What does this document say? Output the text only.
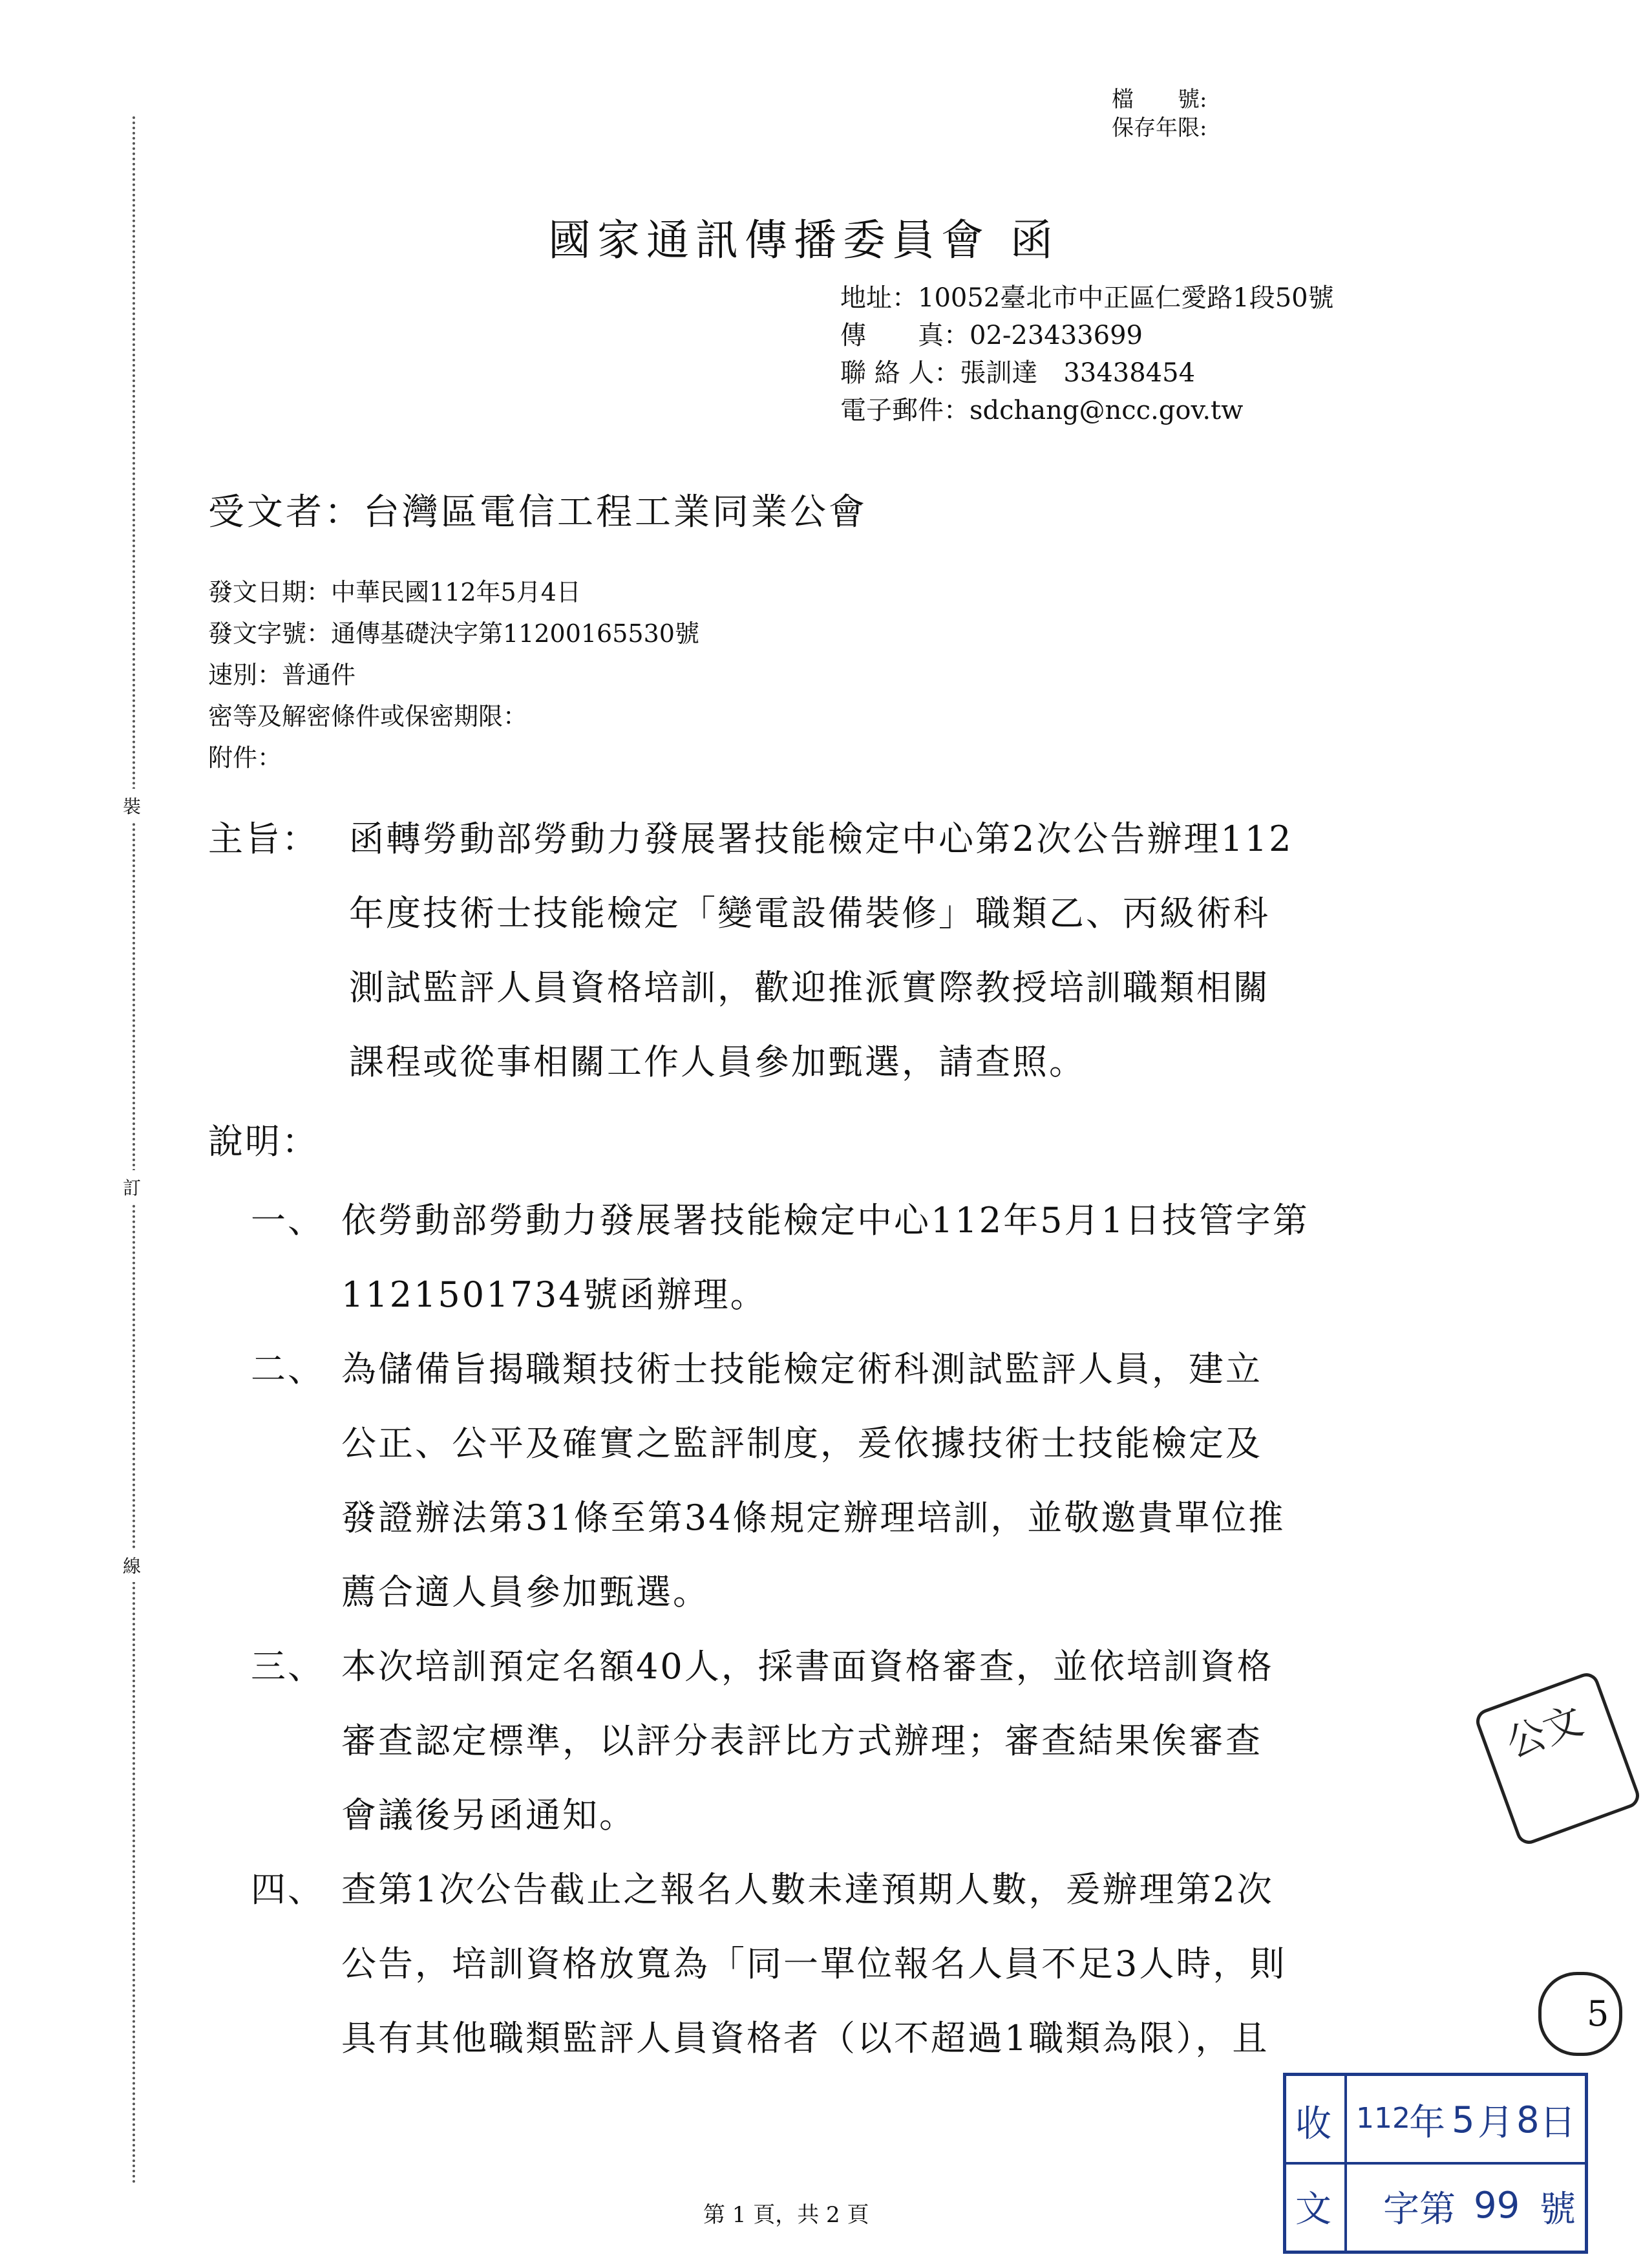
裝
訂
線
檔　　號:
保存年限:
國家通訊傳播委員會 函
地址：10052臺北市中正區仁愛路1段50號
傳　　真：02-23433699
聯 絡 人：張訓達　33438454
電子郵件：sdchang@ncc.gov.tw
受文者：台灣區電信工程工業同業公會
發文日期：中華民國112年5月4日
發文字號：通傳基礎決字第11200165530號
速別：普通件
密等及解密條件或保密期限：
附件：
主旨： 函轉勞動部勞動力發展署技能檢定中心第2次公告辦理112
年度技術士技能檢定「變電設備裝修」職類乙、丙級術科
測試監評人員資格培訓，歡迎推派實際教授培訓職類相關
課程或從事相關工作人員參加甄選，請查照。
說明：
一、 依勞動部勞動力發展署技能檢定中心112年5月1日技管字第
1121501734號函辦理。
二、 為儲備旨揭職類技術士技能檢定術科測試監評人員，建立
公正、公平及確實之監評制度，爰依據技術士技能檢定及
發證辦法第31條至第34條規定辦理培訓，並敬邀貴單位推
薦合適人員參加甄選。
三、 本次培訓預定名額40人，採書面資格審查，並依培訓資格
審查認定標準，以評分表評比方式辦理；審查結果俟審查
會議後另函通知。
四、 查第1次公告截止之報名人數未達預期人數，爰辦理第2次
公告，培訓資格放寬為「同一單位報名人員不足3人時，則
具有其他職類監評人員資格者（以不超過1職類為限），且
第 1 頁，共 2 頁
公文
5
收
文
112
年 5 月 8 日
字第 99 號
